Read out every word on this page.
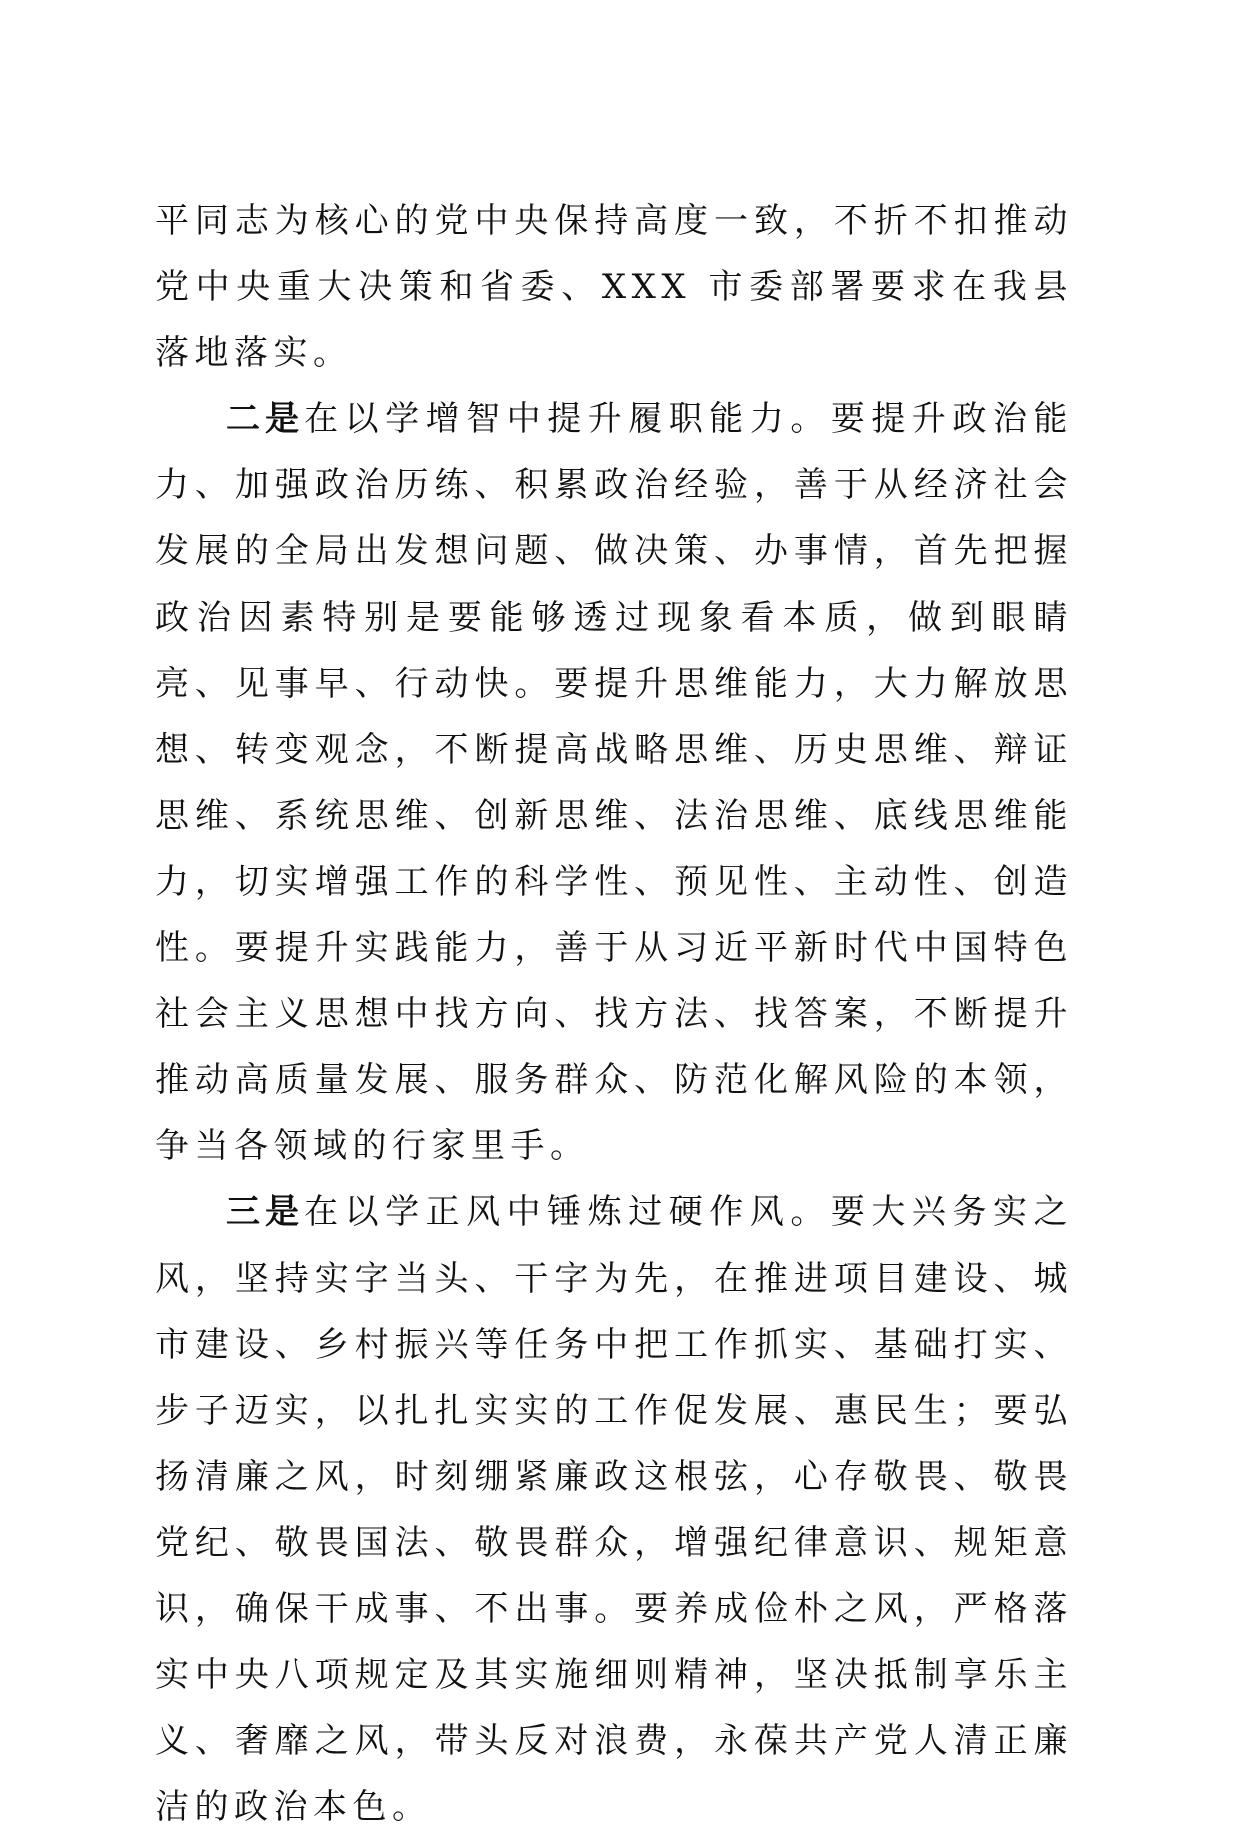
平同志为核心的党中央保持高度一致，不折不扣推动党中央重大决策和省委、XXX 市委部署要求在我县落地落实。

二是在以学增智中提升履职能力。要提升政治能力、加强政治历练、积累政治经验，善于从经济社会发展的全局出发想问题、做决策、办事情，首先把握政治因素特别是要能够透过现象看本质，做到眼睛亮、见事早、行动快。要提升思维能力，大力解放思想、转变观念，不断提高战略思维、历史思维、辩证思维、系统思维、创新思维、法治思维、底线思维能力，切实增强工作的科学性、预见性、主动性、创造性。要提升实践能力，善于从习近平新时代中国特色社会主义思想中找方向、找方法、找答案，不断提升推动高质量发展、服务群众、防范化解风险的本领，争当各领域的行家里手。

三是在以学正风中锤炼过硬作风。要大兴务实之风，坚持实字当头、干字为先，在推进项目建设、城市建设、乡村振兴等任务中把工作抓实、基础打实、步子迈实，以扎扎实实的工作促发展、惠民生；要弘扬清廉之风，时刻绷紧廉政这根弦，心存敬畏、敬畏党纪、敬畏国法、敬畏群众，增强纪律意识、规矩意识，确保干成事、不出事。要养成俭朴之风，严格落实中央八项规定及其实施细则精神，坚决抵制享乐主义、奢靡之风，带头反对浪费，永葆共产党人清正廉洁的政治本色。
